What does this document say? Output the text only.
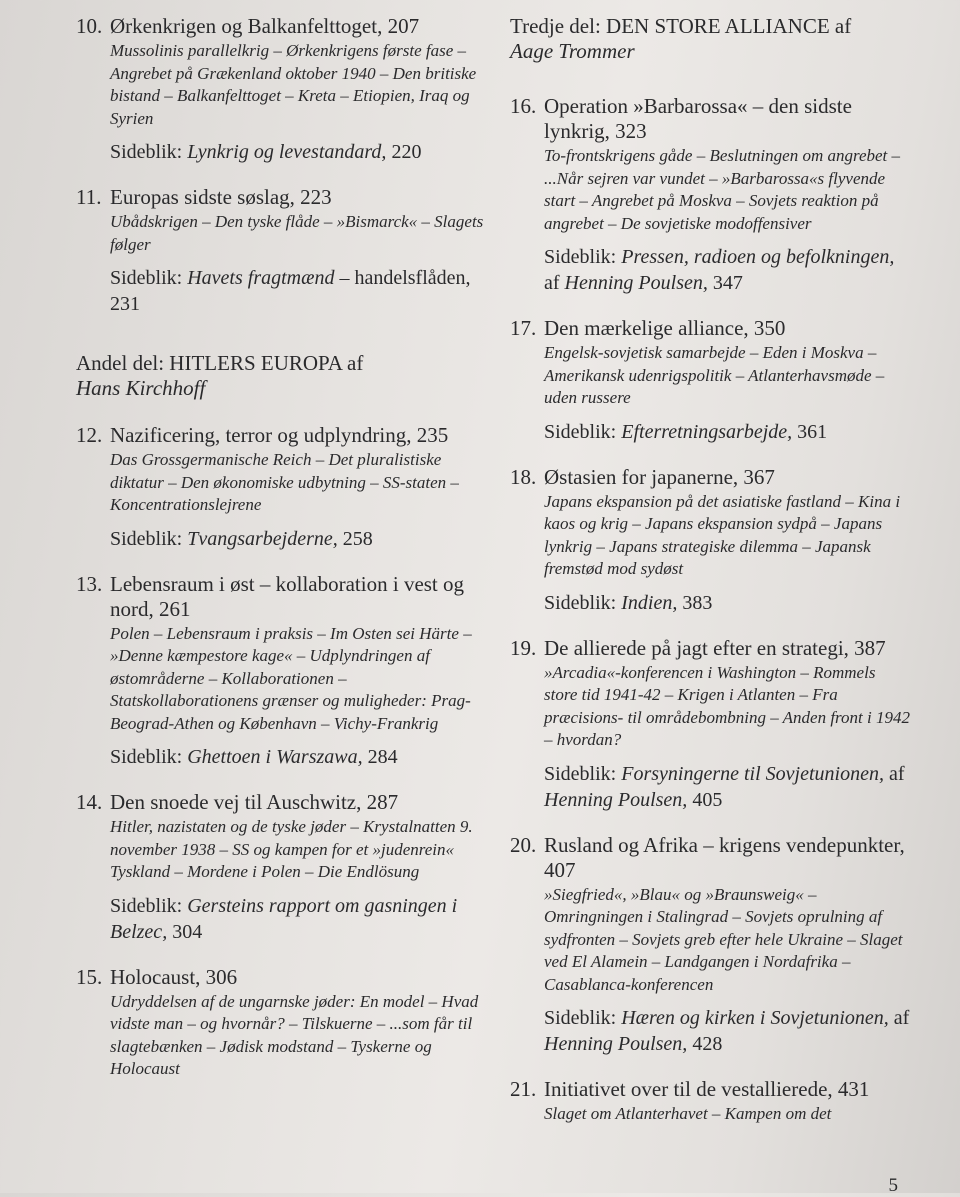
10. Ørkenkrigen og Balkanfelttoget, 207
Mussolinis parallelkrig – Ørkenkrigens første fase – Angrebet på Grækenland oktober 1940 – Den britiske bistand – Balkanfelttoget – Kreta – Etiopien, Iraq og Syrien
Sideblik: Lynkrig og levestandard, 220
11. Europas sidste søslag, 223
Ubådskrigen – Den tyske flåde – »Bismarck« – Slagets følger
Sideblik: Havets fragtmænd – handelsflåden, 231
Andel del: HITLERS EUROPA af
Hans Kirchhoff
12. Nazificering, terror og udplyndring, 235
Das Grossgermanische Reich – Det pluralistiske diktatur – Den økonomiske udbytning – SS-staten – Koncentrationslejrene
Sideblik: Tvangsarbejderne, 258
13. Lebensraum i øst – kollaboration i vest og nord, 261
Polen – Lebensraum i praksis – Im Osten sei Härte – »Denne kæmpestore kage« – Udplyndringen af østområderne – Kollaborationen – Statskollaborationens grænser og muligheder: Prag-Beograd-Athen og København – Vichy-Frankrig
Sideblik: Ghettoen i Warszawa, 284
14. Den snoede vej til Auschwitz, 287
Hitler, nazistaten og de tyske jøder – Krystalnatten 9. november 1938 – SS og kampen for et »judenrein« Tyskland – Mordene i Polen – Die Endlösung
Sideblik: Gersteins rapport om gasningen i Belzec, 304
15. Holocaust, 306
Udryddelsen af de ungarnske jøder: En model – Hvad vidste man – og hvornår? – Tilskuerne – ...som får til slagtebænken – Jødisk modstand – Tyskerne og Holocaust
Tredje del: DEN STORE ALLIANCE af
Aage Trommer
16. Operation »Barbarossa« – den sidste lynkrig, 323
To-frontskrigens gåde – Beslutningen om angrebet – ...Når sejren var vundet – »Barbarossa«s flyvende start – Angrebet på Moskva – Sovjets reaktion på angrebet – De sovjetiske modoffensiver
Sideblik: Pressen, radioen og befolkningen, af Henning Poulsen, 347
17. Den mærkelige alliance, 350
Engelsk-sovjetisk samarbejde – Eden i Moskva – Amerikansk udenrigspolitik – Atlanterhavsmøde – uden russere
Sideblik: Efterretningsarbejde, 361
18. Østasien for japanerne, 367
Japans ekspansion på det asiatiske fastland – Kina i kaos og krig – Japans ekspansion sydpå – Japans lynkrig – Japans strategiske dilemma – Japansk fremstød mod sydøst
Sideblik: Indien, 383
19. De allierede på jagt efter en strategi, 387
»Arcadia«-konferencen i Washington – Rommels store tid 1941-42 – Krigen i Atlanten – Fra præcisions- til områdebombning – Anden front i 1942 – hvordan?
Sideblik: Forsyningerne til Sovjetunionen, af Henning Poulsen, 405
20. Rusland og Afrika – krigens vendepunkter, 407
»Siegfried«, »Blau« og »Braunsweig« – Omringningen i Stalingrad – Sovjets oprulning af sydfronten – Sovjets greb efter hele Ukraine – Slaget ved El Alamein – Landgangen i Nordafrika – Casablanca-konferencen
Sideblik: Hæren og kirken i Sovjetunionen, af Henning Poulsen, 428
21. Initiativet over til de vestallierede, 431
Slaget om Atlanterhavet – Kampen om det
5
